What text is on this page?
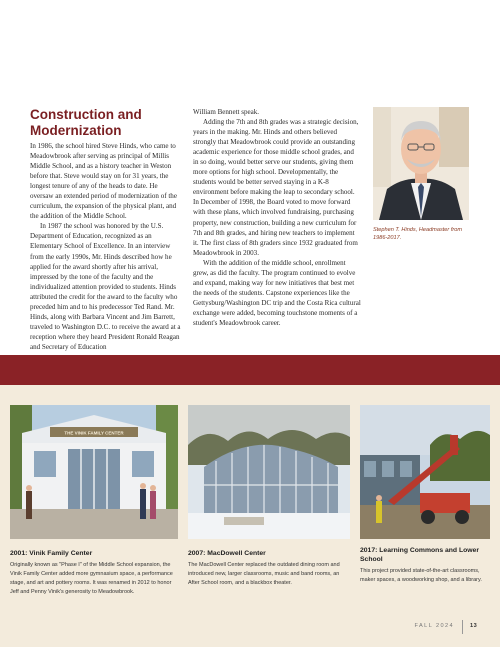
Construction and Modernization

In 1986, the school hired Steve Hinds, who came to Meadowbrook after serving as principal of Millis Middle School, and as a history teacher in Weston before that. Steve would stay on for 31 years, the longest tenure of any of the heads to date. He oversaw an extended period of modernization of the curriculum, the expansion of the physical plant, and the addition of the Middle School.

In 1987 the school was honored by the U.S. Department of Education, recognized as an Elementary School of Excellence. In an interview from the early 1990s, Mr. Hinds described how he applied for the award shortly after his arrival, impressed by the tone of the faculty and the individualized attention provided to students. Hinds attributed the credit for the award to the faculty who preceded him and to his predecessor Ted Rand. Mr. Hinds, along with Barbara Vincent and Jim Barrett, traveled to Washington D.C. to receive the award at a reception where they heard President Ronald Reagan and Secretary of Education

William Bennett speak.

Adding the 7th and 8th grades was a strategic decision, years in the making. Mr. Hinds and others believed strongly that Meadowbrook could provide an outstanding academic experience for those middle school grades, and in so doing, would better serve our students, giving them more options for high school. Developmentally, the students would be better served staying in a K-8 environment before making the leap to secondary school. In December of 1998, the Board voted to move forward with these plans, which involved fundraising, purchasing property, new construction, building a new curriculum for 7th and 8th grades, and hiring new teachers to implement it. The first class of 8th graders since 1932 graduated from Meadowbrook in 2003.

With the addition of the middle school, enrollment grew, as did the faculty. The program continued to evolve and expand, making way for new initiatives that best met the needs of the students. Capstone experiences like the Gettysburg/Washington DC trip and the Costa Rica cultural exchange were added, becoming touchstone moments of a student's Meadowbrook career.

Stephen T. Hinds, Headmaster from 1986-2017.
THE VINIK FAMILY CENTER
2001: Vinik Family Center

Originally known as "Phase I" of the Middle School expansion, the Vinik Family Center added more gymnasium space, a performance stage, and art and pottery rooms. It was renamed in 2012 to honor Jeff and Penny Vinik's generosity to Meadowbrook.

2007: MacDowell Center

The MacDowell Center replaced the outdated dining room and introduced new, larger classrooms, music and band rooms, an After School room, and a blackbox theater.

2017: Learning Commons and Lower School

This project provided state-of-the-art classrooms, maker spaces, a woodworking shop, and a library.

FALL 2024	13
